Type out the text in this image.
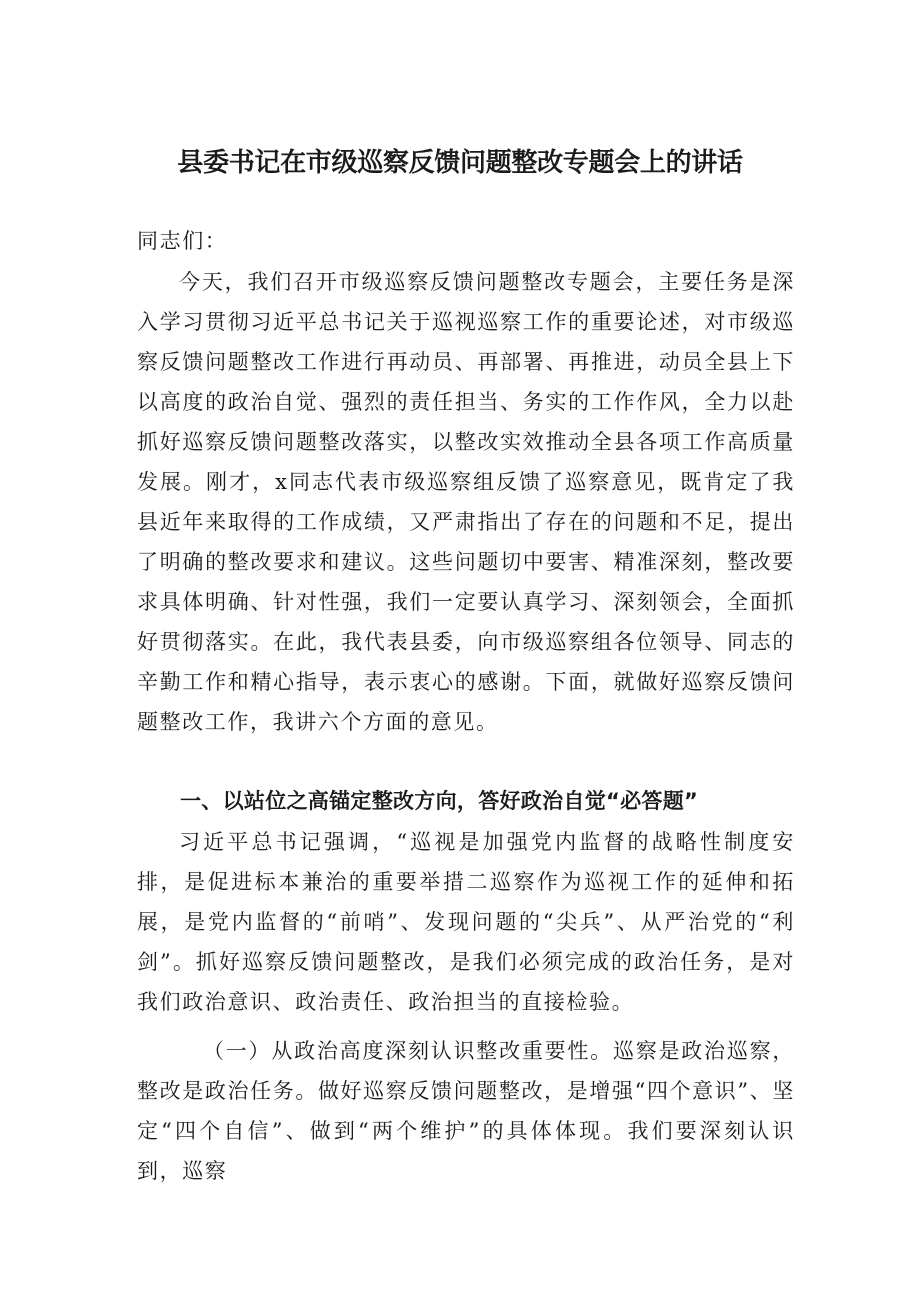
县委书记在市级巡察反馈问题整改专题会上的讲话

同志们：

今天，我们召开市级巡察反馈问题整改专题会，主要任务是深入学习贯彻习近平总书记关于巡视巡察工作的重要论述，对市级巡察反馈问题整改工作进行再动员、再部署、再推进，动员全县上下以高度的政治自觉、强烈的责任担当、务实的工作作风，全力以赴抓好巡察反馈问题整改落实，以整改实效推动全县各项工作高质量发展。刚才，x同志代表市级巡察组反馈了巡察意见，既肯定了我县近年来取得的工作成绩，又严肃指出了存在的问题和不足，提出了明确的整改要求和建议。这些问题切中要害、精准深刻，整改要求具体明确、针对性强，我们一定要认真学习、深刻领会，全面抓好贯彻落实。在此，我代表县委，向市级巡察组各位领导、同志的辛勤工作和精心指导，表示衷心的感谢。下面，就做好巡察反馈问题整改工作，我讲六个方面的意见。

一、以站位之高锚定整改方向，答好政治自觉“必答题”

习近平总书记强调，“巡视是加强党内监督的战略性制度安排，是促进标本兼治的重要举措二巡察作为巡视工作的延伸和拓展，是党内监督的“前哨”、发现问题的“尖兵”、从严治党的“利剑”。抓好巡察反馈问题整改，是我们必须完成的政治任务，是对我们政治意识、政治责任、政治担当的直接检验。

（一）从政治高度深刻认识整改重要性。巡察是政治巡察，整改是政治任务。做好巡察反馈问题整改，是增强“四个意识”、坚定“四个自信”、做到“两个维护”的具体体现。我们要深刻认识到，巡察
